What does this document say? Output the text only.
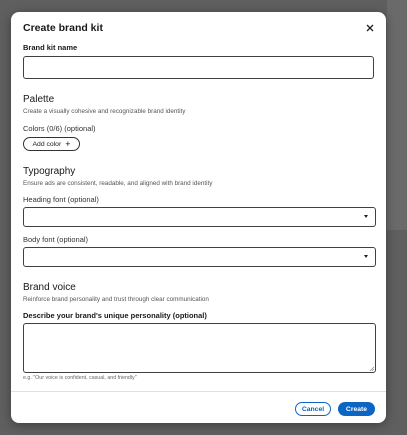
Create brand kit
Brand kit name
Palette
Create a visually cohesive and recognizable brand identity
Colors (0/6) (optional)
Add color +
Typography
Ensure ads are consistent, readable, and aligned with brand identity
Heading font (optional)
Body font (optional)
Brand voice
Reinforce brand personality and trust through clear communication
Describe your brand's unique personality (optional)
e.g. "Our voice is confident, casual, and friendly"
Cancel	Create
